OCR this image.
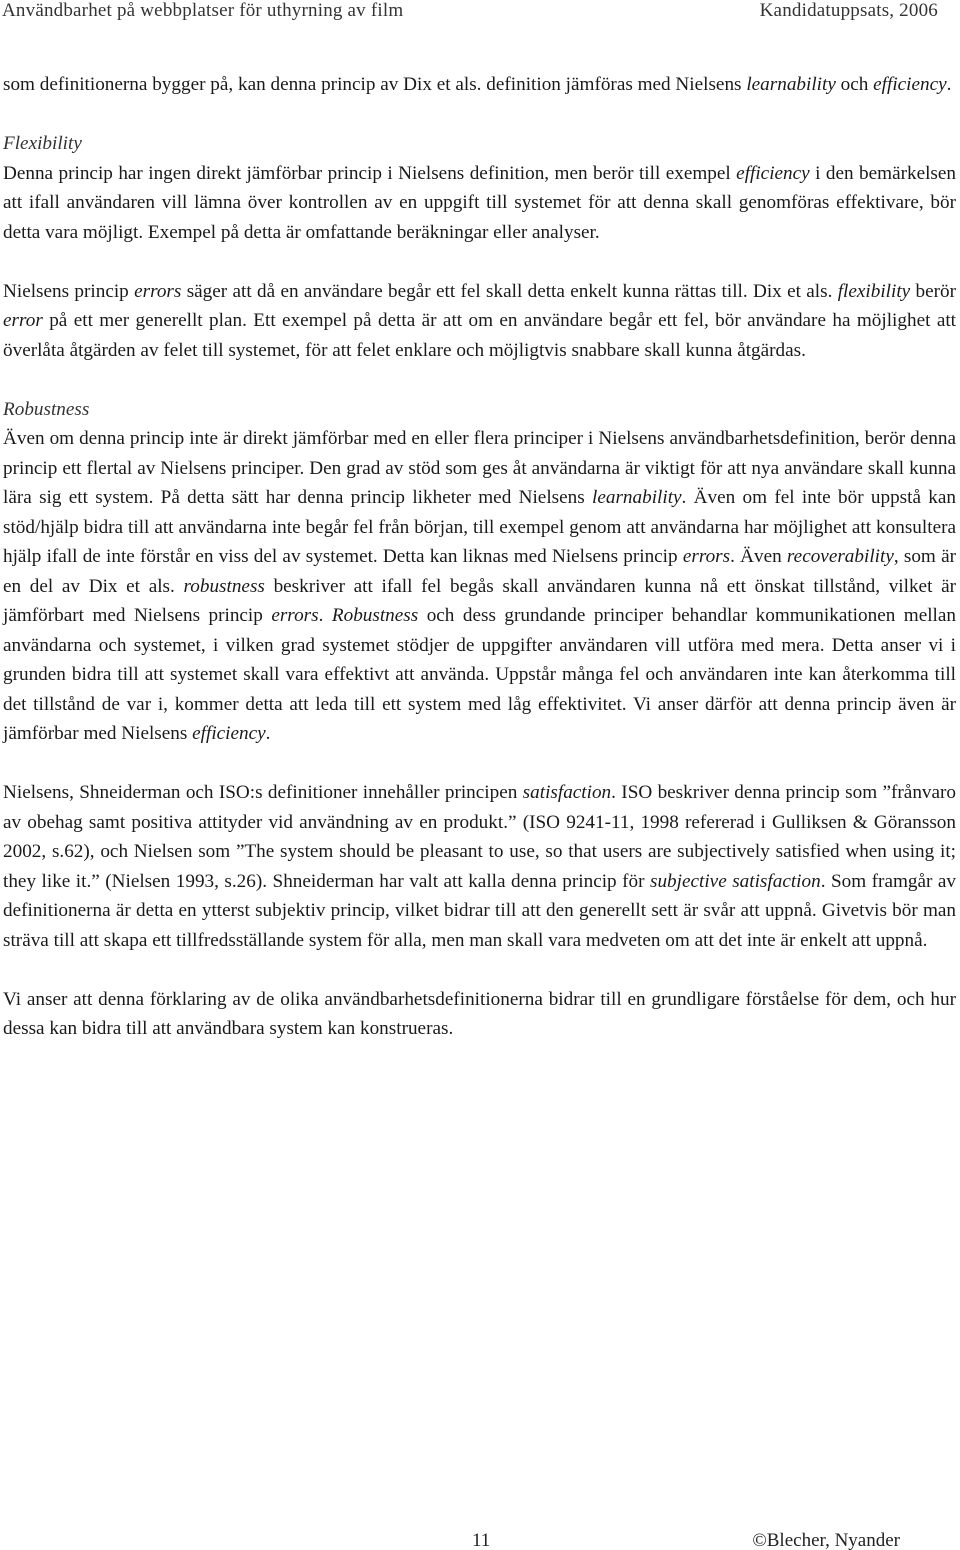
Användbarhet på webbplatser för uthyrning av film	Kandidatuppsats, 2006

som definitionerna bygger på, kan denna princip av Dix et als. definition jämföras med Nielsens learnability och efficiency.

Flexibility

Denna princip har ingen direkt jämförbar princip i Nielsens definition, men berör till exempel efficiency i den bemärkelsen att ifall användaren vill lämna över kontrollen av en uppgift till systemet för att denna skall genomföras effektivare, bör detta vara möjligt. Exempel på detta är omfattande beräkningar eller analyser.

Nielsens princip errors säger att då en användare begår ett fel skall detta enkelt kunna rättas till. Dix et als. flexibility berör error på ett mer generellt plan. Ett exempel på detta är att om en användare begår ett fel, bör användare ha möjlighet att överlåta åtgärden av felet till systemet, för att felet enklare och möjligtvis snabbare skall kunna åtgärdas.

Robustness

Även om denna princip inte är direkt jämförbar med en eller flera principer i Nielsens användbarhetsdefinition, berör denna princip ett flertal av Nielsens principer. Den grad av stöd som ges åt användarna är viktigt för att nya användare skall kunna lära sig ett system. På detta sätt har denna princip likheter med Nielsens learnability. Även om fel inte bör uppstå kan stöd/hjälp bidra till att användarna inte begår fel från början, till exempel genom att användarna har möjlighet att konsultera hjälp ifall de inte förstår en viss del av systemet. Detta kan liknas med Nielsens princip errors. Även recoverability, som är en del av Dix et als. robustness beskriver att ifall fel begås skall användaren kunna nå ett önskat tillstånd, vilket är jämförbart med Nielsens princip errors. Robustness och dess grundande principer behandlar kommunikationen mellan användarna och systemet, i vilken grad systemet stödjer de uppgifter användaren vill utföra med mera. Detta anser vi i grunden bidra till att systemet skall vara effektivt att använda. Uppstår många fel och användaren inte kan återkomma till det tillstånd de var i, kommer detta att leda till ett system med låg effektivitet. Vi anser därför att denna princip även är jämförbar med Nielsens efficiency.

Nielsens, Shneiderman och ISO:s definitioner innehåller principen satisfaction. ISO beskriver denna princip som ”frånvaro av obehag samt positiva attityder vid användning av en produkt.” (ISO 9241-11, 1998 refererad i Gulliksen & Göransson 2002, s.62), och Nielsen som ”The system should be pleasant to use, so that users are subjectively satisfied when using it; they like it.” (Nielsen 1993, s.26). Shneiderman har valt att kalla denna princip för subjective satisfaction. Som framgår av definitionerna är detta en ytterst subjektiv princip, vilket bidrar till att den generellt sett är svår att uppnå. Givetvis bör man sträva till att skapa ett tillfredsställande system för alla, men man skall vara medveten om att det inte är enkelt att uppnå.

Vi anser att denna förklaring av de olika användbarhetsdefinitionerna bidrar till en grundligare förståelse för dem, och hur dessa kan bidra till att användbara system kan konstrueras.

11	©Blecher, Nyander
